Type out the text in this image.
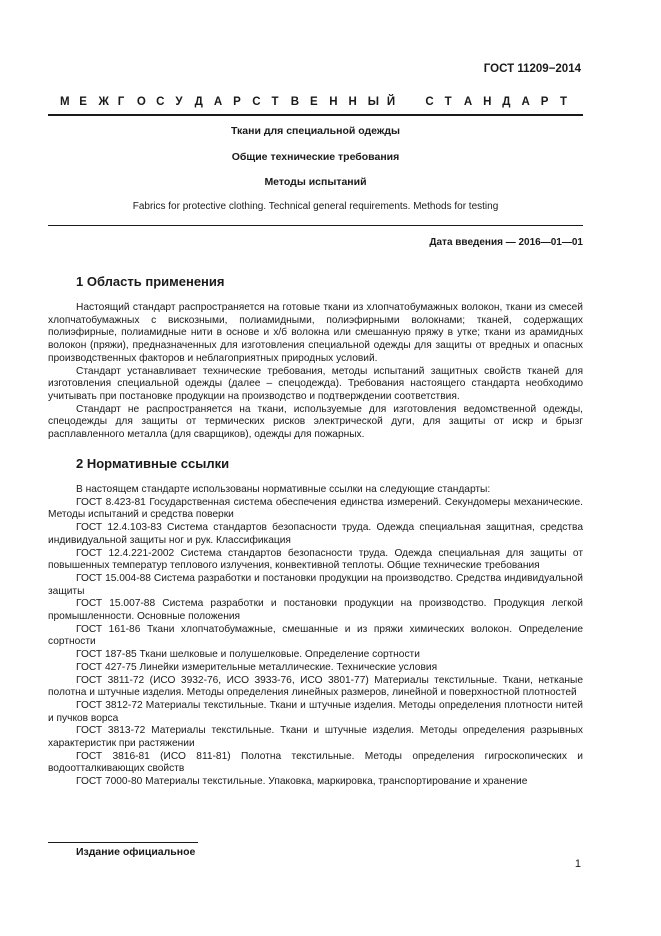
ГОСТ 11209−2014
М Е Ж Г О С У Д А Р С Т В Е Н Н Ы Й	С Т А Н Д А Р Т
Ткани для специальной одежды
Общие технические требования
Методы испытаний
Fabrics for protective clothing. Technical general requirements. Methods for testing
Дата введения — 2016—01—01
1 Область применения

Настоящий стандарт распространяется на готовые ткани из хлопчатобумажных волокон, ткани из смесей хлопчатобумажных с вискозными, полиамидными, полиэфирными волокнами; тканей, содержащих полиэфирные, полиамидные нити в основе и х/б волокна или смешанную пряжу в утке; ткани из арамидных волокон (пряжи), предназначенных для изготовления специальной одежды для защиты от вредных и опасных производственных факторов и неблагоприятных природных условий.

Стандарт устанавливает технические требования, методы испытаний защитных свойств тканей для изготовления специальной одежды (далее – спецодежда). Требования настоящего стандарта необходимо учитывать при постановке продукции на производство и подтверждении соответствия.

Стандарт не распространяется на ткани, используемые для изготовления ведомственной одежды, спецодежды для защиты от термических рисков электрической дуги, для защиты от искр и брызг расплавленного металла (для сварщиков), одежды для пожарных.

2 Нормативные ссылки

В настоящем стандарте использованы нормативные ссылки на следующие стандарты:

ГОСТ 8.423-81 Государственная система обеспечения единства измерений. Секундомеры механические. Методы испытаний и средства поверки

ГОСТ 12.4.103-83 Система стандартов безопасности труда. Одежда специальная защитная, средства индивидуальной защиты ног и рук. Классификация

ГОСТ 12.4.221-2002 Система стандартов безопасности труда. Одежда специальная для защиты от повышенных температур теплового излучения, конвективной теплоты. Общие технические требования

ГОСТ 15.004-88 Система разработки и постановки продукции на производство. Средства индивидуальной защиты

ГОСТ 15.007-88 Система разработки и постановки продукции на производство. Продукция легкой промышленности. Основные положения

ГОСТ 161-86 Ткани хлопчатобумажные, смешанные и из пряжи химических волокон. Определение сортности

ГОСТ 187-85 Ткани шелковые и полушелковые. Определение сортности

ГОСТ 427-75 Линейки измерительные металлические. Технические условия

ГОСТ 3811-72 (ИСО 3932-76, ИСО 3933-76, ИСО 3801-77) Материалы текстильные. Ткани, нетканые полотна и штучные изделия. Методы определения линейных размеров, линейной и поверхностной плотностей

ГОСТ 3812-72 Материалы текстильные. Ткани и штучные изделия. Методы определения плотности нитей и пучков ворса

ГОСТ 3813-72 Материалы текстильные. Ткани и штучные изделия. Методы определения разрывных характеристик при растяжении

ГОСТ 3816-81 (ИСО 811-81) Полотна текстильные. Методы определения гигроскопических и водоотталкивающих свойств

ГОСТ 7000-80 Материалы текстильные. Упаковка, маркировка, транспортирование и хранение

Издание официальное
1
